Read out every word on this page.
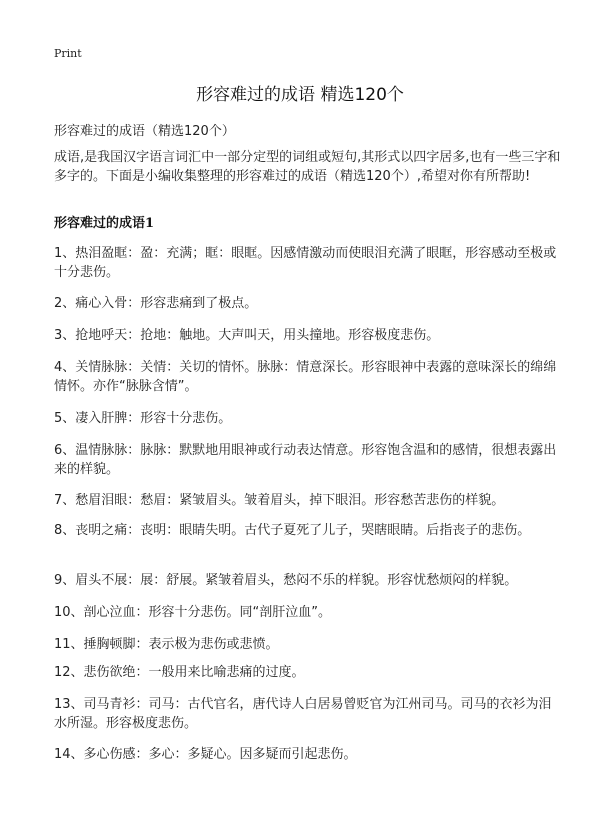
Print
形容难过的成语 精选120个
形容难过的成语（精选120个）
成语,是我国汉字语言词汇中一部分定型的词组或短句,其形式以四字居多,也有一些三字和多字的。下面是小编收集整理的形容难过的成语（精选120个）,希望对你有所帮助!
形容难过的成语1
1、热泪盈眶：盈：充满；眶：眼眶。因感情激动而使眼泪充满了眼眶，形容感动至极或十分悲伤。
2、痛心入骨：形容悲痛到了极点。
3、抢地呼天：抢地：触地。大声叫天，用头撞地。形容极度悲伤。
4、关情脉脉：关情：关切的情怀。脉脉：情意深长。形容眼神中表露的意味深长的绵绵情怀。亦作“脉脉含情”。
5、凄入肝脾：形容十分悲伤。
6、温情脉脉：脉脉：默默地用眼神或行动表达情意。形容饱含温和的感情，很想表露出来的样貌。
7、愁眉泪眼：愁眉：紧皱眉头。皱着眉头，掉下眼泪。形容愁苦悲伤的样貌。
8、丧明之痛：丧明：眼睛失明。古代子夏死了儿子，哭瞎眼睛。后指丧子的悲伤。
9、眉头不展：展：舒展。紧皱着眉头，愁闷不乐的样貌。形容忧愁烦闷的样貌。
10、剖心泣血：形容十分悲伤。同“剖肝泣血”。
11、捶胸顿脚：表示极为悲伤或悲愤。
12、悲伤欲绝：一般用来比喻悲痛的过度。
13、司马青衫：司马：古代官名，唐代诗人白居易曾贬官为江州司马。司马的衣衫为泪水所湿。形容极度悲伤。
14、多心伤感：多心：多疑心。因多疑而引起悲伤。
